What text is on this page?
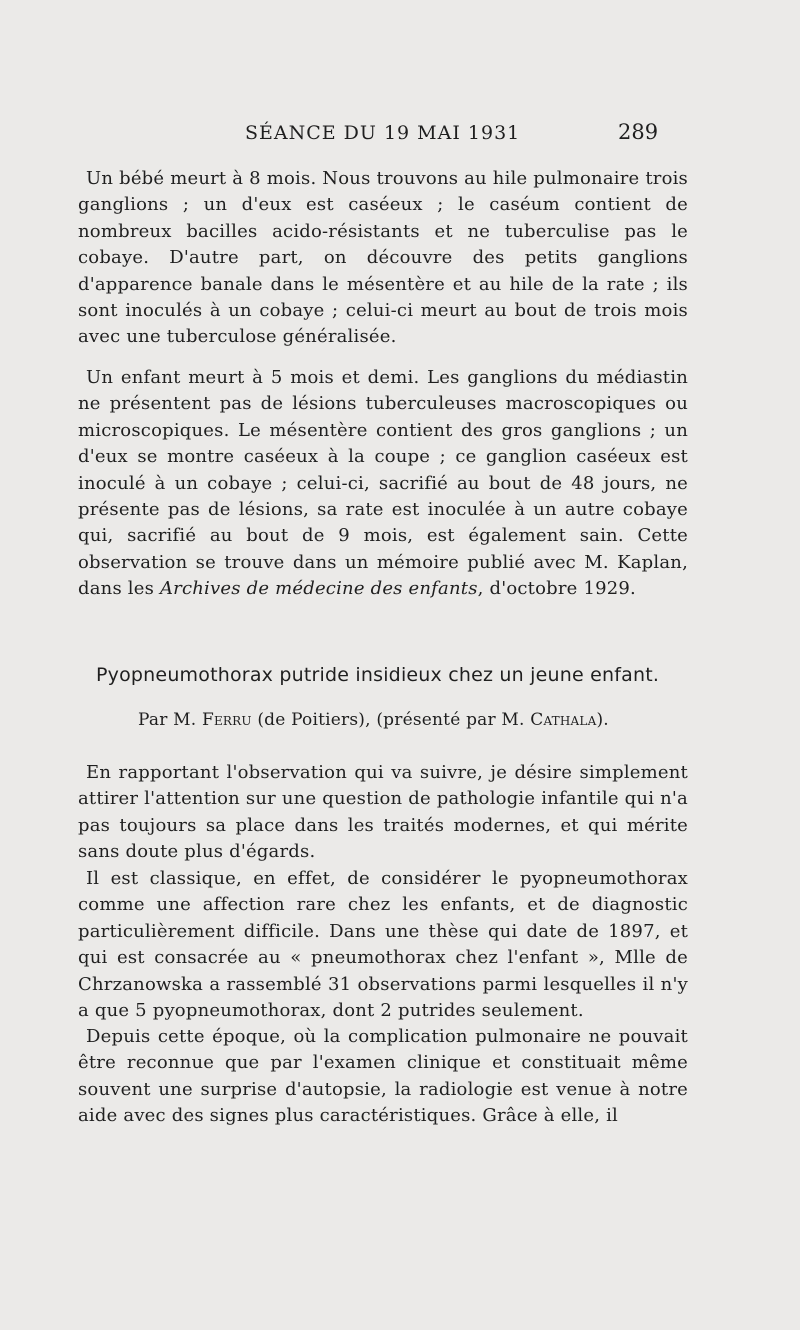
SÉANCE DU 19 MAI 1931	289

Un bébé meurt à 8 mois. Nous trouvons au hile pulmonaire trois ganglions ; un d'eux est caséeux ; le caséum contient de nombreux bacilles acido-résistants et ne tuberculise pas le cobaye. D'autre part, on découvre des petits ganglions d'apparence banale dans le mésentère et au hile de la rate ; ils sont inoculés à un cobaye ; celui-ci meurt au bout de trois mois avec une tuberculose généralisée.

Un enfant meurt à 5 mois et demi. Les ganglions du médiastin ne présentent pas de lésions tuberculeuses macroscopiques ou microscopiques. Le mésentère contient des gros ganglions ; un d'eux se montre caséeux à la coupe ; ce ganglion caséeux est inoculé à un cobaye ; celui-ci, sacrifié au bout de 48 jours, ne présente pas de lésions, sa rate est inoculée à un autre cobaye qui, sacrifié au bout de 9 mois, est également sain. Cette observation se trouve dans un mémoire publié avec M. Kaplan, dans les Archives de médecine des enfants, d'octobre 1929.

Pyopneumothorax putride insidieux chez un jeune enfant.
Par M. Ferru (de Poitiers), (présenté par M. Cathala).

En rapportant l'observation qui va suivre, je désire simplement attirer l'attention sur une question de pathologie infantile qui n'a pas toujours sa place dans les traités modernes, et qui mérite sans doute plus d'égards.

Il est classique, en effet, de considérer le pyopneumothorax comme une affection rare chez les enfants, et de diagnostic particulièrement difficile. Dans une thèse qui date de 1897, et qui est consacrée au « pneumothorax chez l'enfant », Mlle de Chrzanowska a rassemblé 31 observations parmi lesquelles il n'y a que 5 pyopneumothorax, dont 2 putrides seulement.

Depuis cette époque, où la complication pulmonaire ne pouvait être reconnue que par l'examen clinique et constituait même souvent une surprise d'autopsie, la radiologie est venue à notre aide avec des signes plus caractéristiques. Grâce à elle, il
